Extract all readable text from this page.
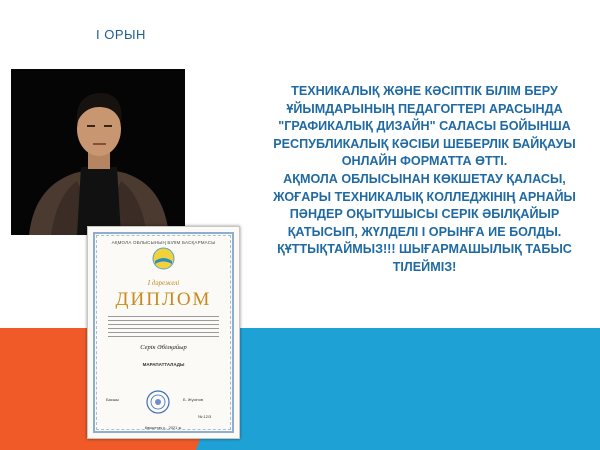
I ОРЫН

ТЕХНИКАЛЫҚ ЖӘНЕ КӘСІПТІК БІЛІМ БЕРУ ҰЙЫМДАРЫНЫҢ ПЕДАГОГТЕРІ АРАСЫНДА "ГРАФИКАЛЫҚ ДИЗАЙН" САЛАСЫ БОЙЫНША РЕСПУБЛИКАЛЫҚ КӘСІБИ ШЕБЕРЛІК БАЙҚАУЫ ОНЛАЙН ФОРМАТТА ӨТТІ.

АҚМОЛА ОБЛЫСЫНАН КӨКШЕТАУ ҚАЛАСЫ, ЖОҒАРЫ ТЕХНИКАЛЫҚ КОЛЛЕДЖІНІҢ АРНАЙЫ ПӘНДЕР ОҚЫТУШЫСЫ СЕРІК ӘБІЛҚАЙЫР ҚАТЫСЫП, ЖҮЛДЕЛІ I ОРЫНҒА ИЕ БОЛДЫ.

ҚҰТТЫҚТАЙМЫЗ!!! ШЫҒАРМАШЫЛЫҚ ТАБЫС ТІЛЕЙМІЗ!

АҚМОЛА ОБЛЫСЫНЫҢ БІЛІМ БАСҚАРМАСЫ
I дәрежелі
ДИПЛОМ
Серік Әбілқайыр
МАРАПАТТАЛАДЫ
Басшы	Б. Жүсіпов
№ 12/3
Көкшетау қ., 2021 ж.
